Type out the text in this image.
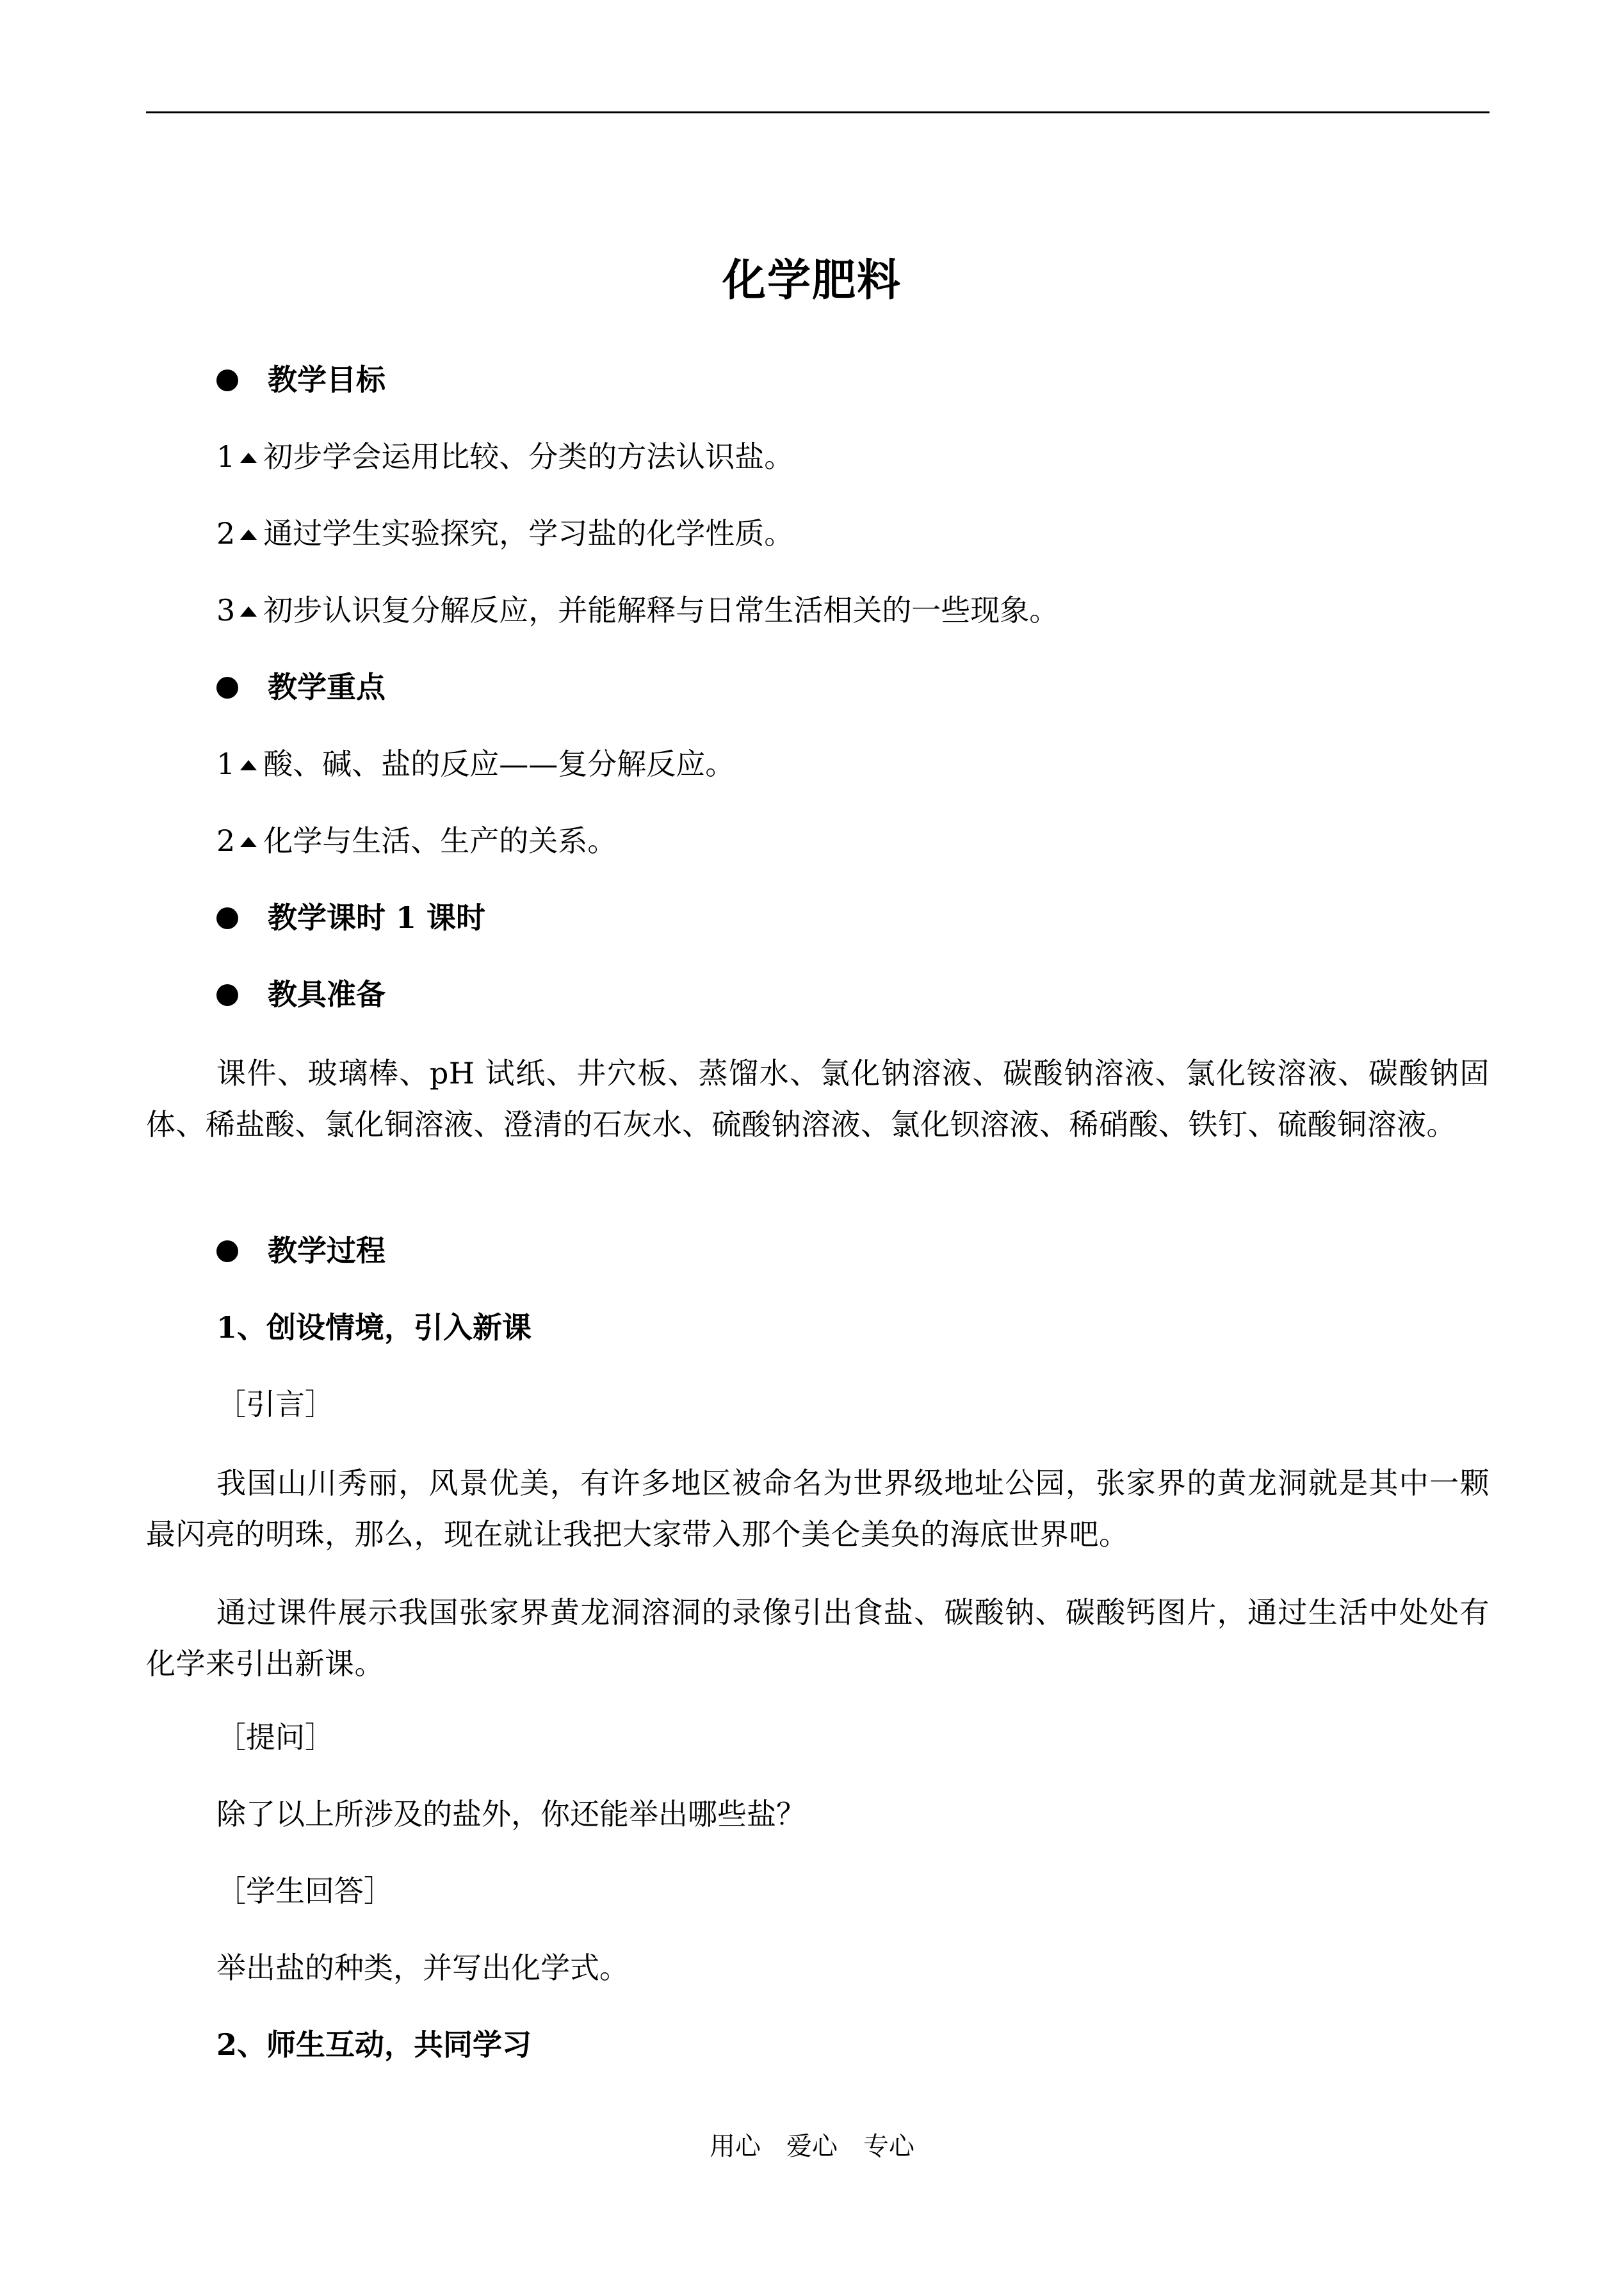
化学肥料
教学目标
1 初步学会运用比较、分类的方法认识盐。
2 通过学生实验探究，学习盐的化学性质。
3 初步认识复分解反应，并能解释与日常生活相关的一些现象。
教学重点
1 酸、碱、盐的反应——复分解反应。
2 化学与生活、生产的关系。
教学课时 1 课时
教具准备
课件、玻璃棒、pH 试纸、井穴板、蒸馏水、氯化钠溶液、碳酸钠溶液、氯化铵溶液、碳酸钠固体、稀盐酸、氯化铜溶液、澄清的石灰水、硫酸钠溶液、氯化钡溶液、稀硝酸、铁钉、硫酸铜溶液。
教学过程
1、创设情境，引入新课
［引言］
我国山川秀丽，风景优美，有许多地区被命名为世界级地址公园，张家界的黄龙洞就是其中一颗最闪亮的明珠，那么，现在就让我把大家带入那个美仑美奂的海底世界吧。
通过课件展示我国张家界黄龙洞溶洞的录像引出食盐、碳酸钠、碳酸钙图片，通过生活中处处有化学来引出新课。
［提问］
除了以上所涉及的盐外，你还能举出哪些盐？
［学生回答］
举出盐的种类，并写出化学式。
2、师生互动，共同学习
用心　爱心　专心
